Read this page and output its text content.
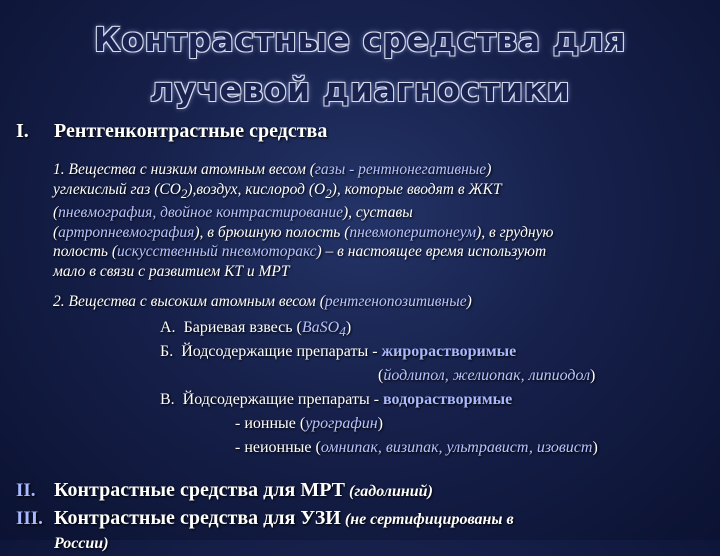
Контрастные средства для
лучевой диагностики
I. Рентгенконтрастные средства
1. Вещества с низким атомным весом (газы - рентнонегативные)
углекислый газ $(СО_2),воздух$, кислород $(О_2)$, которые вводят в ЖКТ
(пневмография, двойное контрастирование), суставы
(артропневмография), в брюшную полость (пневмоперитонеум), в грудную
полость (искусственный пневмоторакс) – в настоящее время используют
мало в связи с развитием КТ и МРТ
2. Вещества с высоким атомным весом (рентгенопозитивные)
А. Бариевая взвесь (BaSO$_4$)
Б. Йодсодержащие препараты - жирорастворимые
(йодлипол, желиопак, липиодол)
В. Йодсодержащие препараты - водорастворимые
- ионные (урографин)
- неионные (омнипак, визипак, ультравист, изовист)
II. Контрастные средства для МРТ (гадолиний)
III. Контрастные средства для УЗИ (не сертифицированы в
России)
